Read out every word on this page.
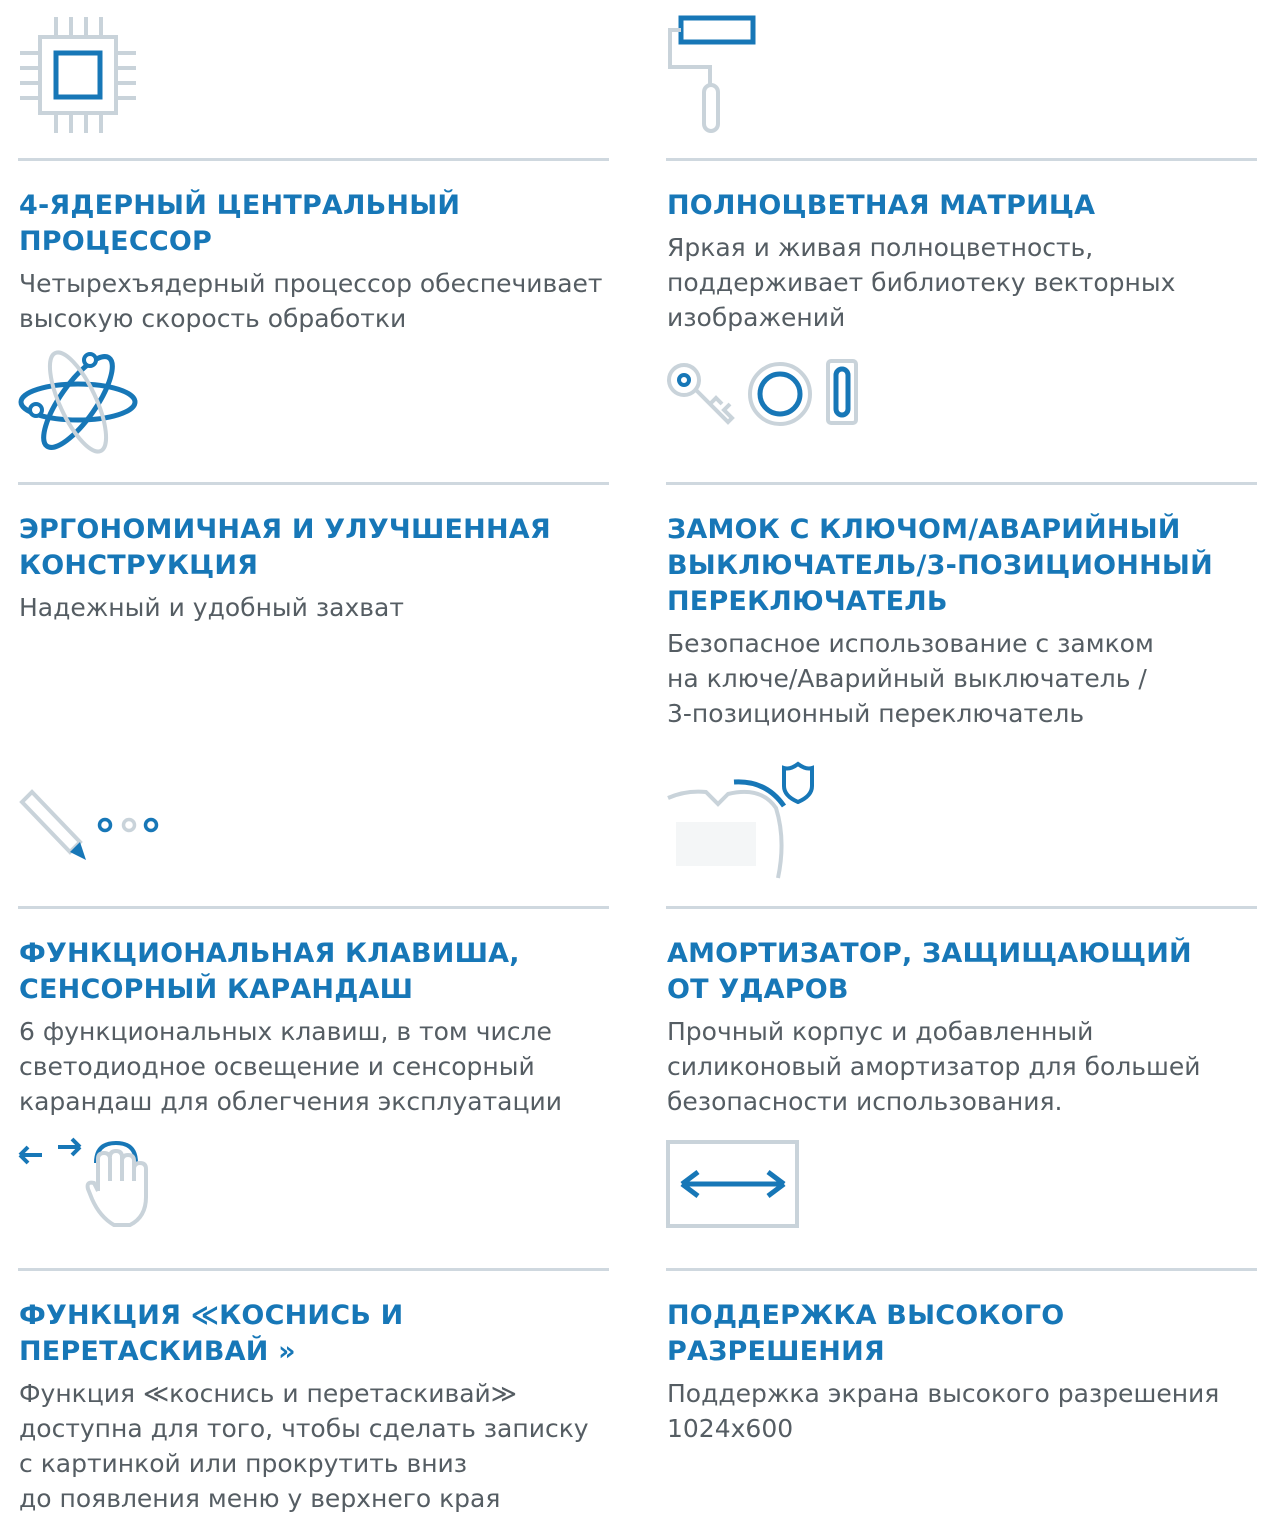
4-ЯДЕРНЫЙ ЦЕНТРАЛЬНЫЙ ПРОЦЕССОР

Четырехъядерный процессор обеспечивает
высокую скорость обработки

ПОЛНОЦВЕТНАЯ МАТРИЦА

Яркая и живая полноцветность,
поддерживает библиотеку векторных
изображений

ЭРГОНОМИЧНАЯ И УЛУЧШЕННАЯ
КОНСТРУКЦИЯ

Надежный и удобный захват

ЗАМОК С КЛЮЧОМ/АВАРИЙНЫЙ
ВЫКЛЮЧАТЕЛЬ/3-ПОЗИЦИОННЫЙ
ПЕРЕКЛЮЧАТЕЛЬ

Безопасное использование с замком
на ключе/Аварийный выключатель /
3-позиционный переключатель

ФУНКЦИОНАЛЬНАЯ КЛАВИША,
СЕНСОРНЫЙ КАРАНДАШ

6 функциональных клавиш, в том числе
светодиодное освещение и сенсорный
карандаш для облегчения эксплуатации

АМОРТИЗАТОР, ЗАЩИЩАЮЩИЙ
ОТ УДАРОВ

Прочный корпус и добавленный
силиконовый амортизатор для большей
безопасности использования.

ФУНКЦИЯ ≪КОСНИСЬ И ПЕРЕТАСКИВАЙ »

Функция ≪коснись и перетаскивай≫
доступна для того, чтобы сделать записку
с картинкой или прокрутить вниз
до появления меню у верхнего края

ПОДДЕРЖКА ВЫСОКОГО РАЗРЕШЕНИЯ

Поддержка экрана высокого разрешения
1024x600
